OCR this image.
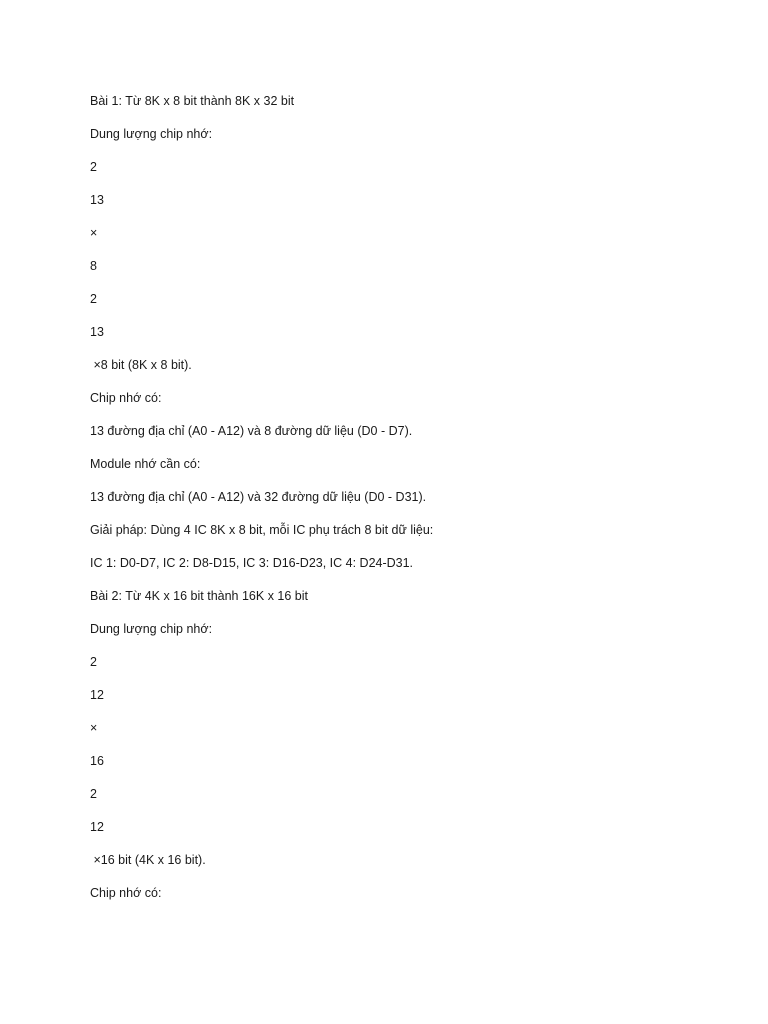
Bài 1: Từ 8K x 8 bit thành 8K x 32 bit
Dung lượng chip nhớ:
2
13
×
8
2
13
×8 bit (8K x 8 bit).
Chip nhớ có:
13 đường địa chỉ (A0 - A12) và 8 đường dữ liệu (D0 - D7).
Module nhớ cần có:
13 đường địa chỉ (A0 - A12) và 32 đường dữ liệu (D0 - D31).
Giải pháp: Dùng 4 IC 8K x 8 bit, mỗi IC phụ trách 8 bit dữ liệu:
IC 1: D0-D7, IC 2: D8-D15, IC 3: D16-D23, IC 4: D24-D31.
Bài 2: Từ 4K x 16 bit thành 16K x 16 bit
Dung lượng chip nhớ:
2
12
×
16
2
12
×16 bit (4K x 16 bit).
Chip nhớ có:
